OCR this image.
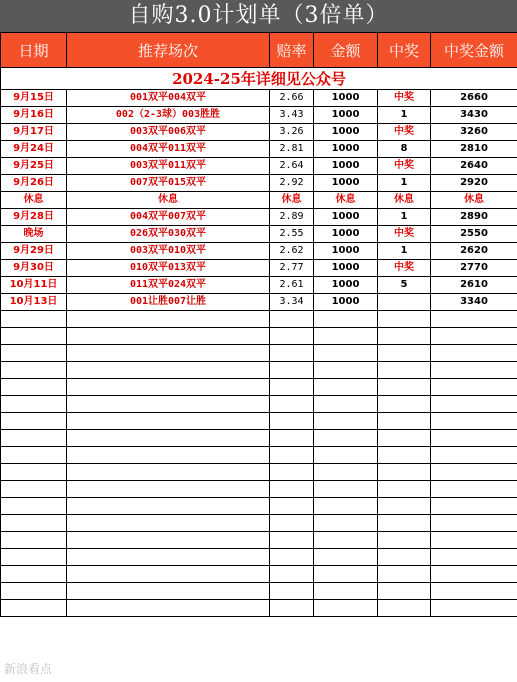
自购3.0计划单（3倍单）
日期	推荐场次	赔率	金额	中奖	中奖金额
2024-25年详细见公众号					
9月15日	001双平004双平	2.66	1000	中奖	2660
9月16日	002（2-3球）003胜胜	3.43	1000	1	3430
9月17日	003双平006双平	3.26	1000	中奖	3260
9月24日	004双平011双平	2.81	1000	8	2810
9月25日	003双平011双平	2.64	1000	中奖	2640
9月26日	007双平015双平	2.92	1000	1	2920
休息	休息	休息	休息	休息	休息
9月28日	004双平007双平	2.89	1000	1	2890
晚场	026双平030双平	2.55	1000	中奖	2550
9月29日	003双平010双平	2.62	1000	1	2620
9月30日	010双平013双平	2.77	1000	中奖	2770
10月11日	011双平024双平	2.61	1000	5	2610
10月13日	001让胜007让胜	3.34	1000		3340

新浪看点
